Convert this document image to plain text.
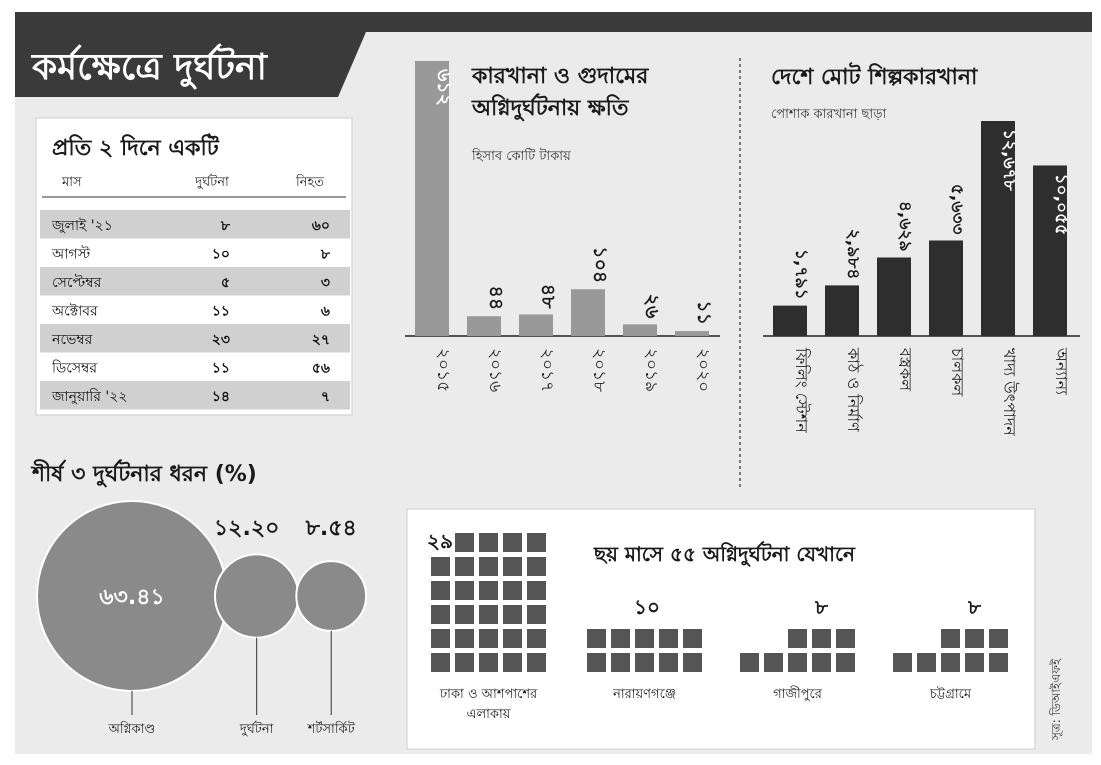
কর্মক্ষেত্রে দুর্ঘটনা
প্রতি ২ দিনে একটি
মাস	দুর্ঘটনা	নিহত
জুলাই '২১	৮	৬০
আগস্ট	১০	৮
সেপ্টেম্বর	৫	৩
অক্টোবর	১১	৬
নভেম্বর	২৩	২৭
ডিসেম্বর	১১	৫৬
জানুয়ারি '২২	১৪	৭
কারখানা ও গুদামের
অগ্নিদুর্ঘটনায় ক্ষতি
হিসাব কোটি টাকায়
৬১২
২০১৫
৪৪
২০১৬
৪৮
২০১৭
১০৪
২০১৮
২৬
২০১৯
১১
২০২০
দেশে মোট শিল্পকারখানা
পোশাক কারখানা ছাড়া
১,৭৯১
ফিলিং স্টেশন
২,৯৮৪
কাঠ ও নির্মাণ
৪,৬২৯
বস্ত্রকল
৫,৬৩৩
চালকল
১২,৬৭৮
খাদ্য উৎপাদন
১০,০৫৫
অন্যান্য
শীর্ষ ৩ দুর্ঘটনার ধরন (%)
৬৩.৪১
১২.২০ ৮.৫৪
অগ্নিকাণ্ড	দুর্ঘটনা	শর্টসার্কিট
ছয় মাসে ৫৫ অগ্নিদুর্ঘটনা যেখানে
২৯
ঢাকা ও আশপাশের
এলাকায়
১০
নারায়ণগঞ্জে
৮
গাজীপুরে
৮
চট্টগ্রামে	সূত্র: ডিআইএফই
